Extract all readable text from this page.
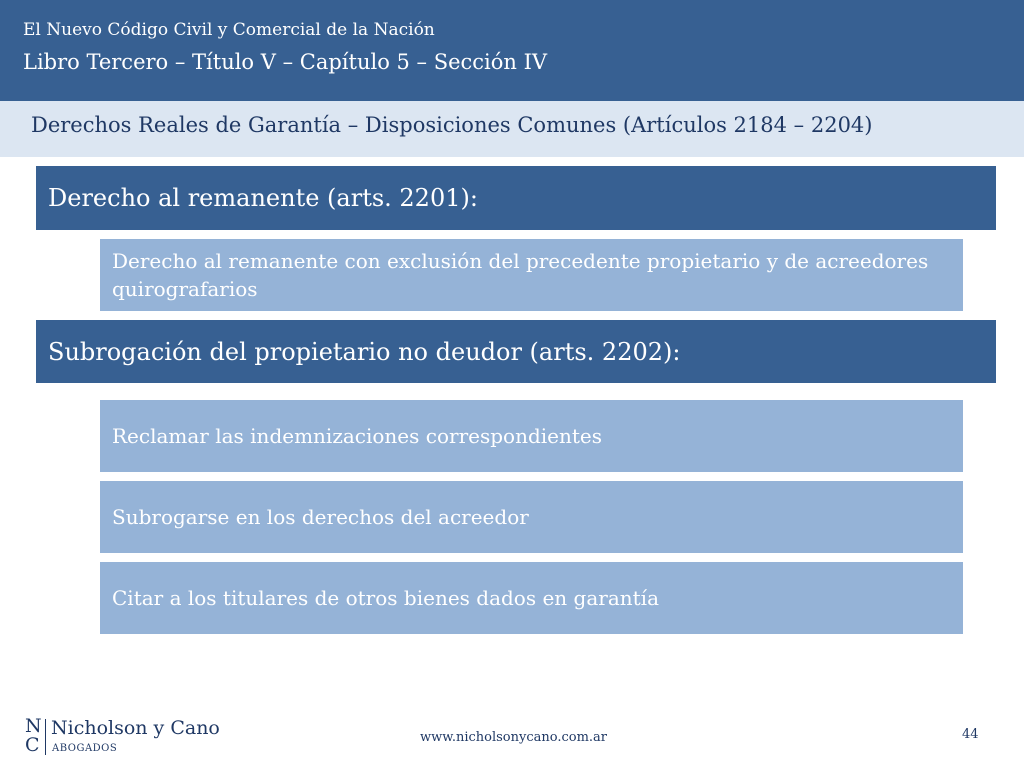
El Nuevo Código Civil y Comercial de la Nación
Libro Tercero – Título V – Capítulo 5 – Sección IV
Derechos Reales de Garantía – Disposiciones Comunes (Artículos 2184 – 2204)
Derecho al remanente (arts. 2201):
Derecho al remanente con exclusión del precedente propietario y de acreedores quirografarios
Subrogación del propietario no deudor (arts. 2202):
Reclamar las indemnizaciones correspondientes
Subrogarse en los derechos del acreedor
Citar a los titulares de otros bienes dados en garantía
N
C
Nicholson y Cano
ABOGADOS
www.nicholsonycano.com.ar	44
